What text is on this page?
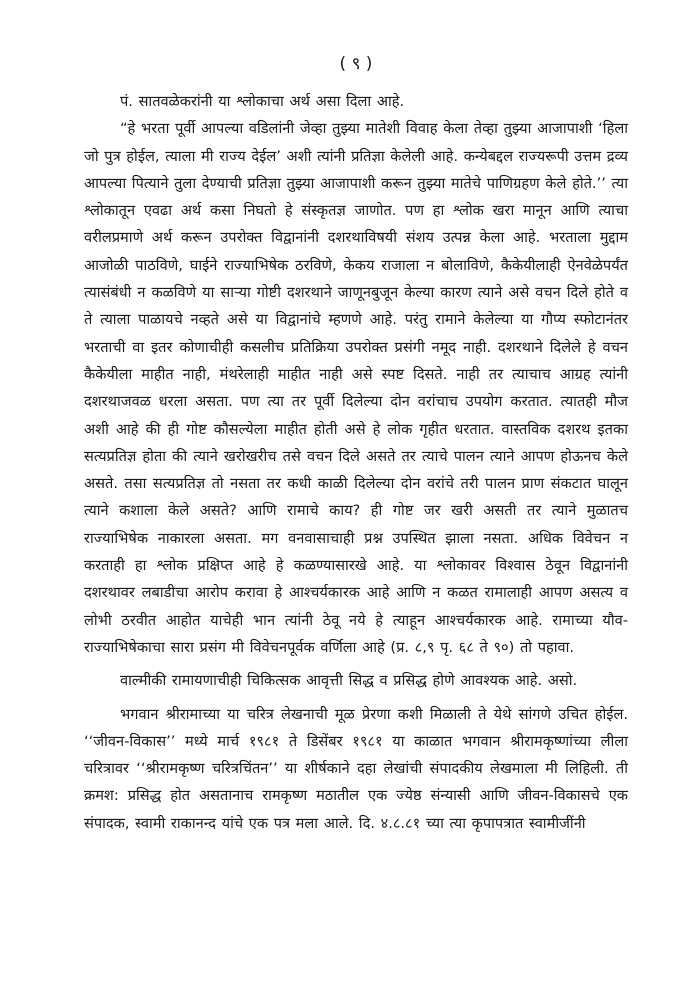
( ९ )

पं. सातवळेकरांनी या श्लोकाचा अर्थ असा दिला आहे.

“हे भरता पूर्वी आपल्या वडिलांनी जेव्हा तुझ्या मातेशी विवाह केला तेव्हा तुझ्या आजापाशी ‘हिला जो पुत्र होईल, त्याला मी राज्य देईल’ अशी त्यांनी प्रतिज्ञा केलेली आहे. कन्येबद्दल राज्यरूपी उत्तम द्रव्य आपल्या पित्याने तुला देण्याची प्रतिज्ञा तुझ्या आजापाशी करून तुझ्या मातेचे पाणिग्रहण केले होते.’’ त्या श्लोकातून एवढा अर्थ कसा निघतो हे संस्कृतज्ञ जाणोत. पण हा श्लोक खरा मानून आणि त्याचा वरीलप्रमाणे अर्थ करून उपरोक्त विद्वानांनी दशरथाविषयी संशय उत्पन्न केला आहे. भरताला मुद्दाम आजोळी पाठविणे, घाईने राज्याभिषेक ठरविणे, केकय राजाला न बोलाविणे, कैकेयीलाही ऐनवेळेपर्यंत त्यासंबंधी न कळविणे या साऱ्या गोष्टी दशरथाने जाणूनबुजून केल्या कारण त्याने असे वचन दिले होते व ते त्याला पाळायचे नव्हते असे या विद्वानांचे म्हणणे आहे. परंतु रामाने केलेल्या या गौप्य स्फोटानंतर भरताची वा इतर कोणाचीही कसलीच प्रतिक्रिया उपरोक्त प्रसंगी नमूद नाही. दशरथाने दिलेले हे वचन कैकेयीला माहीत नाही, मंथरेलाही माहीत नाही असे स्पष्ट दिसते. नाही तर त्याचाच आग्रह त्यांनी दशरथाजवळ धरला असता. पण त्या तर पूर्वी दिलेल्या दोन वरांचाच उपयोग करतात. त्यातही मौज अशी आहे की ही गोष्ट कौसल्येला माहीत होती असे हे लोक गृहीत धरतात. वास्तविक दशरथ इतका सत्यप्रतिज्ञ होता की त्याने खरोखरीच तसे वचन दिले असते तर त्याचे पालन त्याने आपण होऊनच केले असते. तसा सत्यप्रतिज्ञ तो नसता तर कधी काळी दिलेल्या दोन वरांचे तरी पालन प्राण संकटात घालून त्याने कशाला केले असते? आणि रामाचे काय? ही गोष्ट जर खरी असती तर त्याने मुळातच राज्याभिषेक नाकारला असता. मग वनवासाचाही प्रश्न उपस्थित झाला नसता. अधिक विवेचन न करताही हा श्लोक प्रक्षिप्त आहे हे कळण्यासारखे आहे. या श्लोकावर विश्वास ठेवून विद्वानांनी दशरथावर लबाडीचा आरोप करावा हे आश्चर्यकारक आहे आणि न कळत रामालाही आपण असत्य व लोभी ठरवीत आहोत याचेही भान त्यांनी ठेवू नये हे त्याहून आश्चर्यकारक आहे. रामाच्या यौव-राज्याभिषेकाचा सारा प्रसंग मी विवेचनपूर्वक वर्णिला आहे (प्र. ८,९ पृ. ६८ ते ९०) तो पहावा.

वाल्मीकी रामायणाचीही चिकित्सक आवृत्ती सिद्ध व प्रसिद्ध होणे आवश्यक आहे. असो.

भगवान श्रीरामाच्या या चरित्र लेखनाची मूळ प्रेरणा कशी मिळाली ते येथे सांगणे उचित होईल. ‘‘जीवन-विकास’’ मध्ये मार्च १९८१ ते डिसेंबर १९८१ या काळात भगवान श्रीरामकृष्णांच्या लीला चरित्रावर ‘‘श्रीरामकृष्ण चरित्रचिंतन’’ या शीर्षकाने दहा लेखांची संपादकीय लेखमाला मी लिहिली. ती क्रमश: प्रसिद्ध होत असतानाच रामकृष्ण मठातील एक ज्येष्ठ संन्यासी आणि जीवन-विकासचे एक संपादक, स्वामी राकानन्द यांचे एक पत्र मला आले. दि. ४.८.८१ च्या त्या कृपापत्रात स्वामीजींनी
